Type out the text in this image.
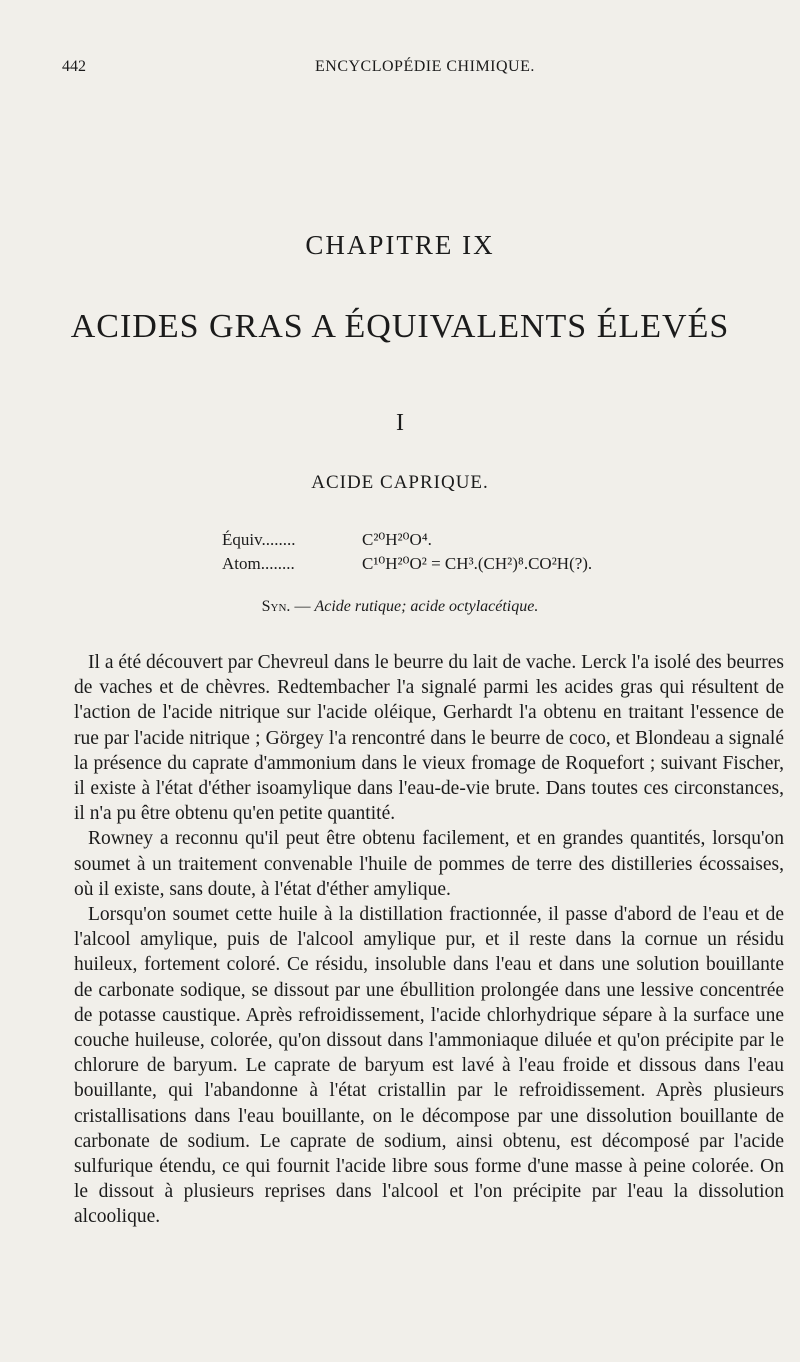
442	ENCYCLOPÉDIE CHIMIQUE.
CHAPITRE IX
ACIDES GRAS A ÉQUIVALENTS ÉLEVÉS
I
ACIDE CAPRIQUE.
Équiv........	C²⁰H²⁰O⁴.
Atom........	C¹⁰H²⁰O² = CH³.(CH²)⁸.CO²H(?).
Syn. — Acide rutique; acide octylacétique.

Il a été découvert par Chevreul dans le beurre du lait de vache. Lerck l'a isolé des beurres de vaches et de chèvres. Redtembacher l'a signalé parmi les acides gras qui résultent de l'action de l'acide nitrique sur l'acide oléique, Gerhardt l'a obtenu en traitant l'essence de rue par l'acide nitrique ; Görgey l'a rencontré dans le beurre de coco, et Blondeau a signalé la présence du caprate d'ammonium dans le vieux fromage de Roquefort ; suivant Fischer, il existe à l'état d'éther isoamylique dans l'eau-de-vie brute. Dans toutes ces circonstances, il n'a pu être obtenu qu'en petite quantité.

Rowney a reconnu qu'il peut être obtenu facilement, et en grandes quantités, lorsqu'on soumet à un traitement convenable l'huile de pommes de terre des distilleries écossaises, où il existe, sans doute, à l'état d'éther amylique.

Lorsqu'on soumet cette huile à la distillation fractionnée, il passe d'abord de l'eau et de l'alcool amylique, puis de l'alcool amylique pur, et il reste dans la cornue un résidu huileux, fortement coloré. Ce résidu, insoluble dans l'eau et dans une solution bouillante de carbonate sodique, se dissout par une ébullition prolongée dans une lessive concentrée de potasse caustique. Après refroidissement, l'acide chlorhydrique sépare à la surface une couche huileuse, colorée, qu'on dissout dans l'ammoniaque diluée et qu'on précipite par le chlorure de baryum. Le caprate de baryum est lavé à l'eau froide et dissous dans l'eau bouillante, qui l'abandonne à l'état cristallin par le refroidissement. Après plusieurs cristallisations dans l'eau bouillante, on le décompose par une dissolution bouillante de carbonate de sodium. Le caprate de sodium, ainsi obtenu, est décomposé par l'acide sulfurique étendu, ce qui fournit l'acide libre sous forme d'une masse à peine colorée. On le dissout à plusieurs reprises dans l'alcool et l'on précipite par l'eau la dissolution alcoolique.
